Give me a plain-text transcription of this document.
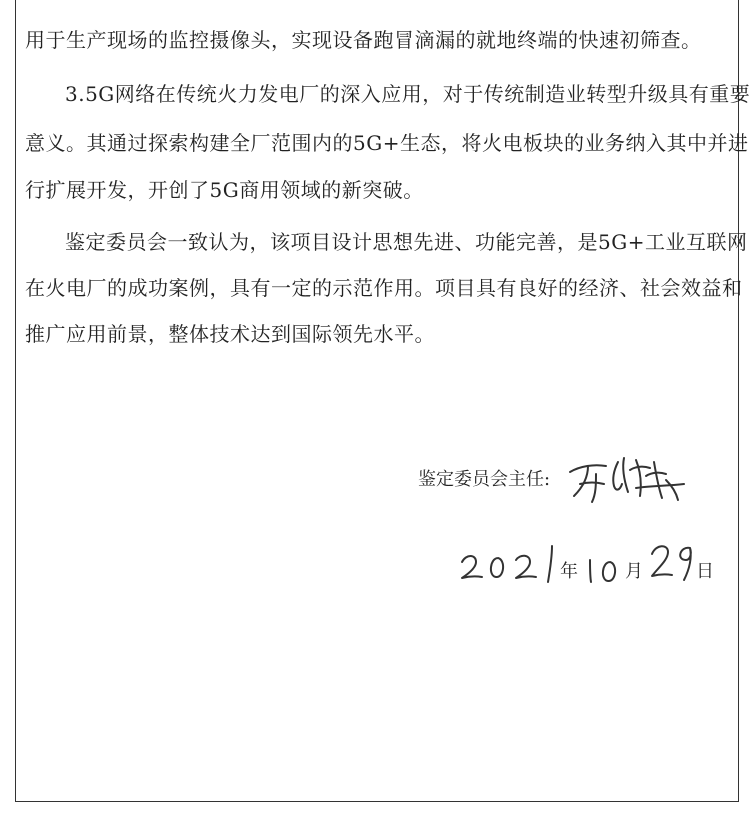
用于生产现场的监控摄像头，实现设备跑冒滴漏的就地终端的快速初筛查。
3.5G网络在传统火力发电厂的深入应用，对于传统制造业转型升级具有重要
意义。其通过探索构建全厂范围内的5G+生态，将火电板块的业务纳入其中并进
行扩展开发，开创了5G商用领域的新突破。
鉴定委员会一致认为，该项目设计思想先进、功能完善，是5G+工业互联网
在火电厂的成功案例，具有一定的示范作用。项目具有良好的经济、社会效益和
推广应用前景，整体技术达到国际领先水平。
鉴定委员会主任:
年	月	日
